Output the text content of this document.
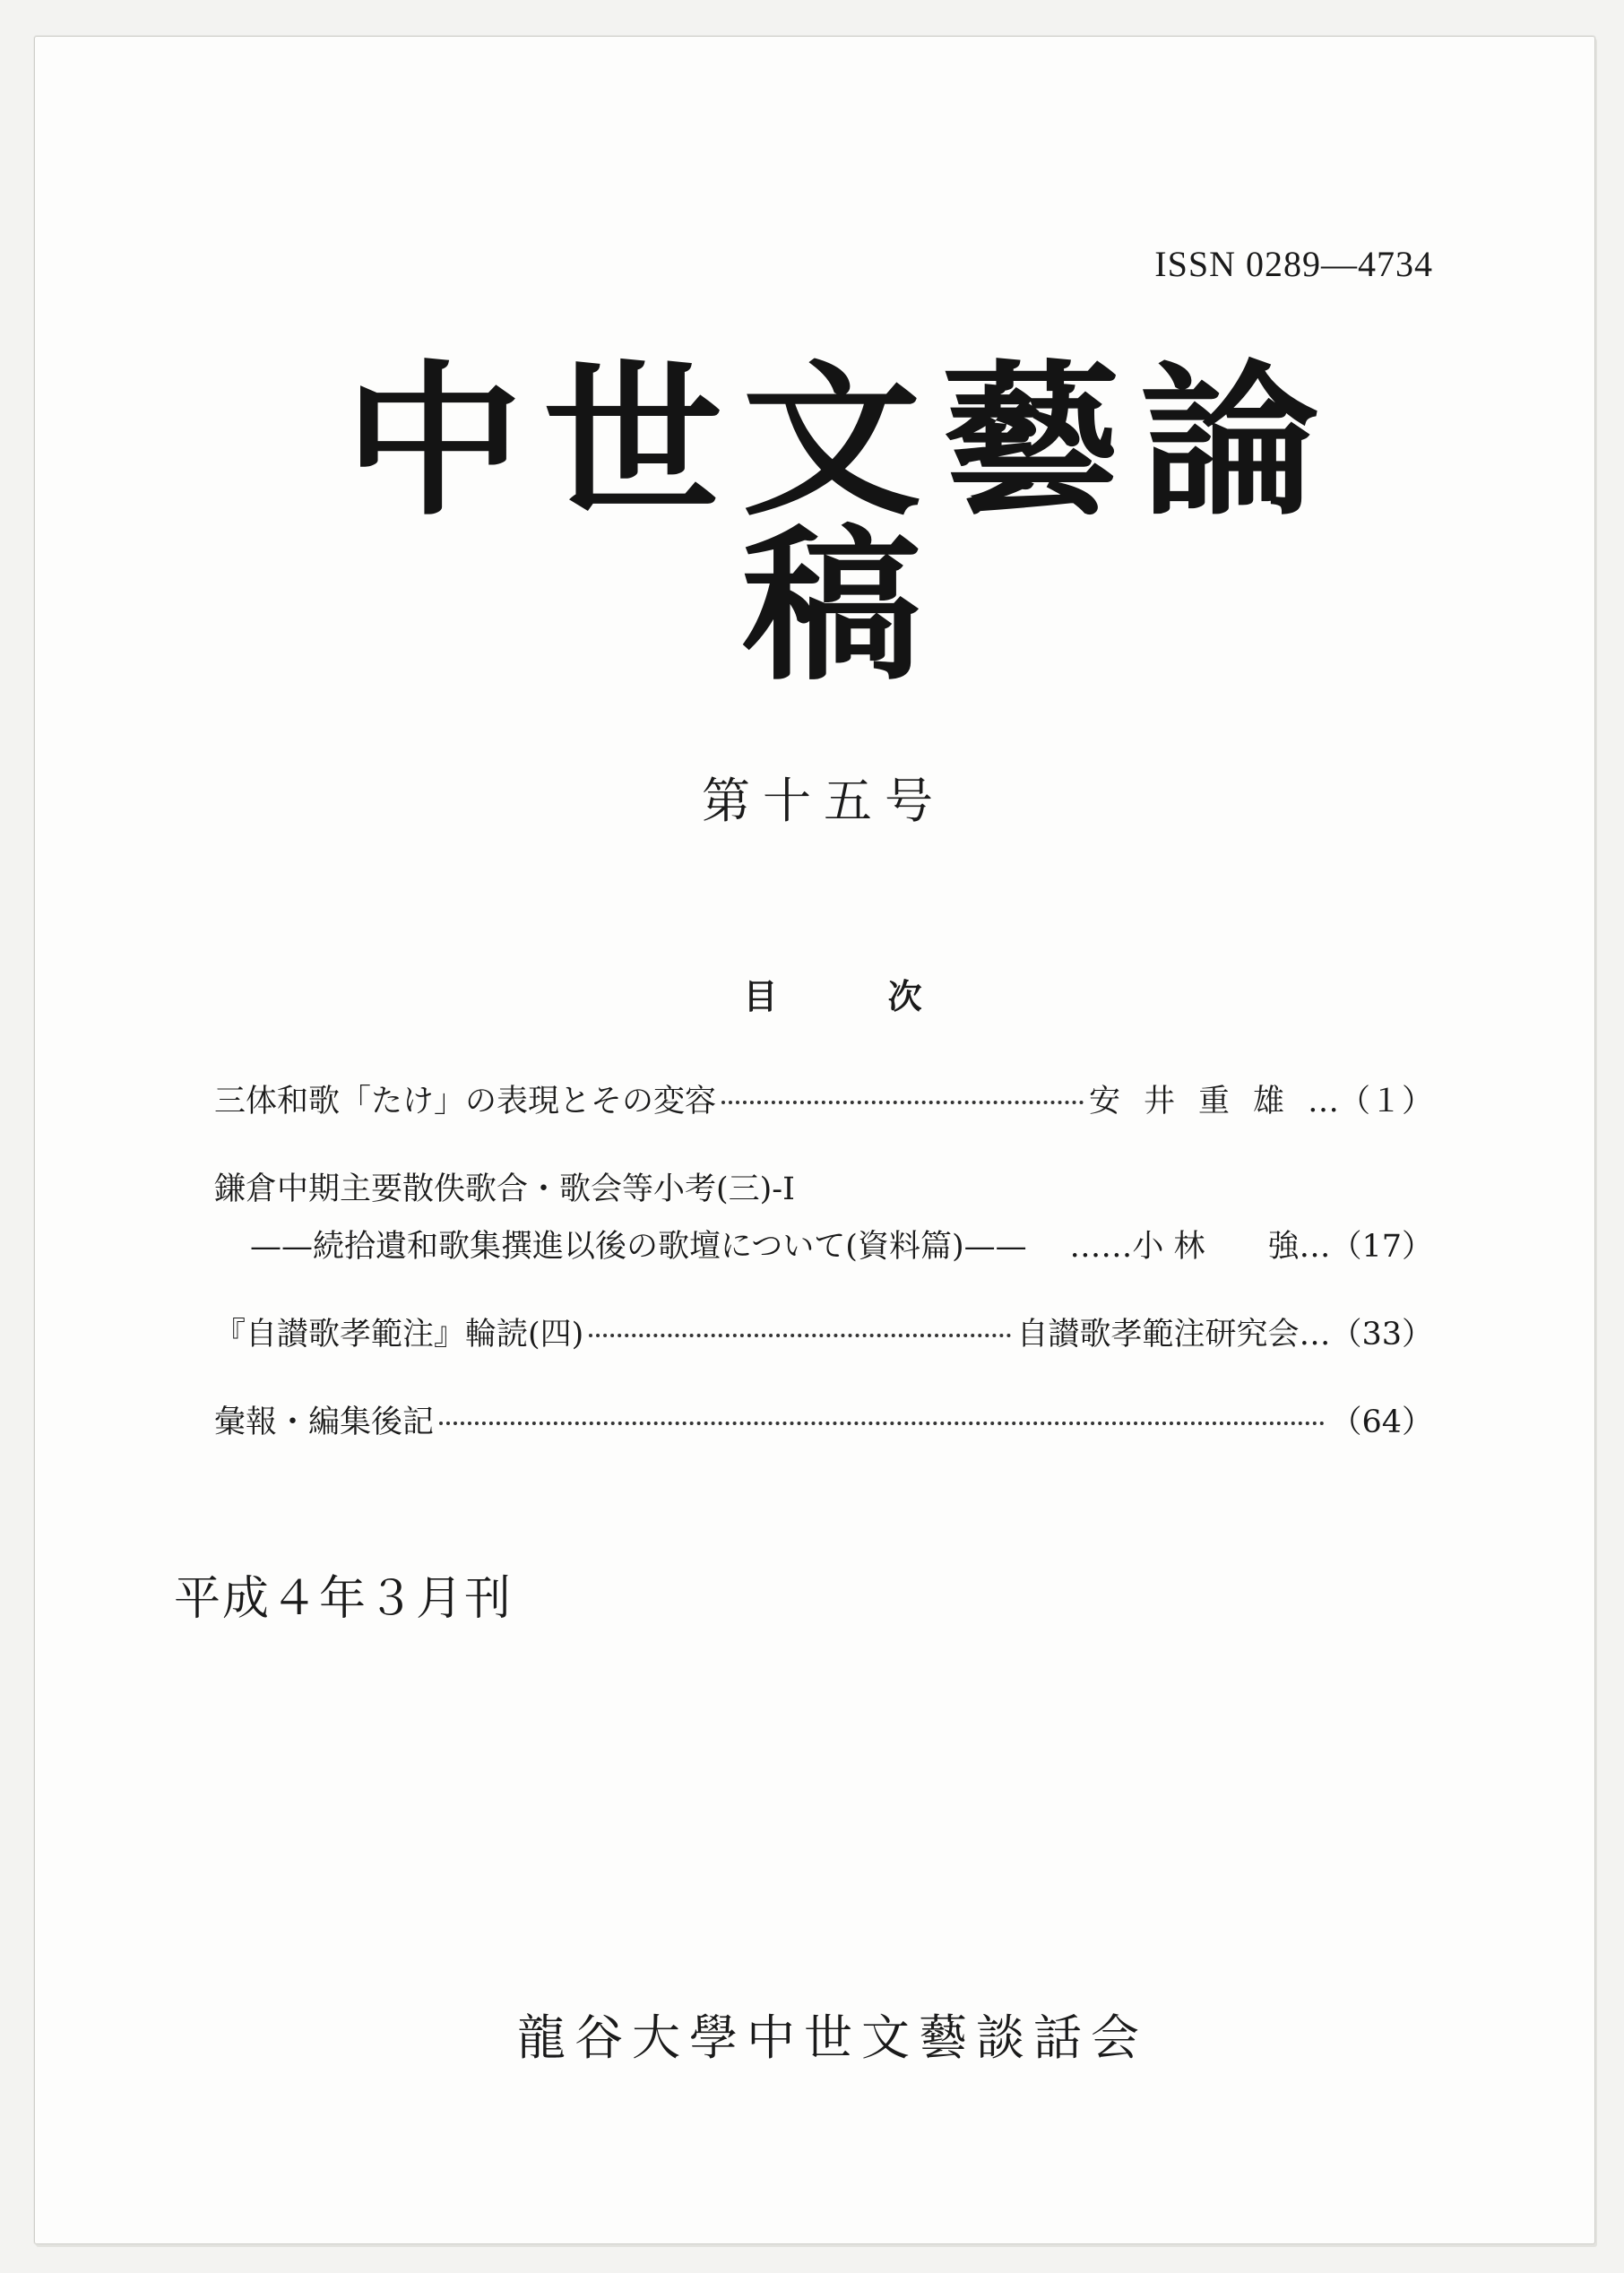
ISSN 0289—4734
中世文藝論稿
第十五号
目 次
三体和歌「たけ」の表現とその変容	安井重雄 …（１）
鎌倉中期主要散佚歌合・歌会等小考(三)-Ⅰ
——続拾遺和歌集撰進以後の歌壇について(資料篇)—— ……小 林　　強 …（17）
『自讃歌孝範注』輪読(四)	自讃歌孝範注研究会 …（33）
彙報・編集後記	（64）
平成４年３月刊
龍谷大學中世文藝談話会
